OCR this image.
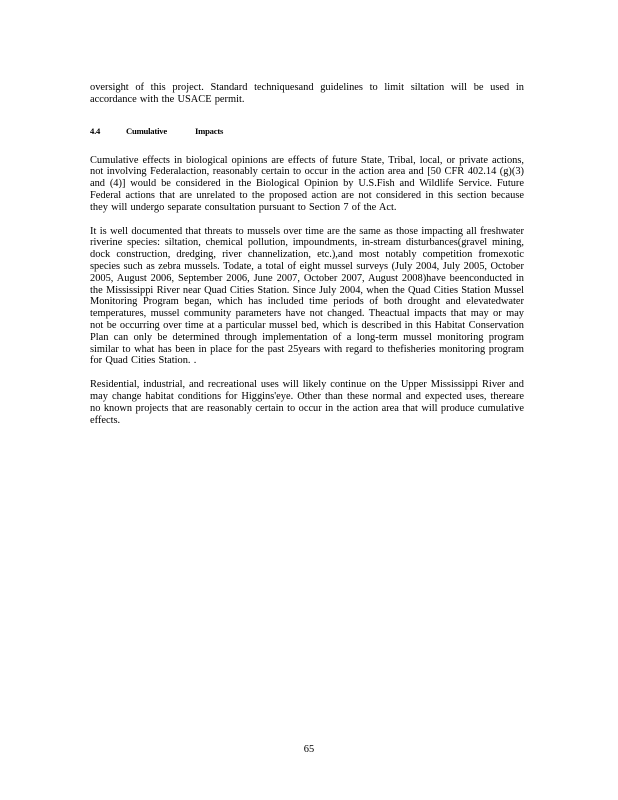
oversight of this project. Standard techniquesand guidelines to limit siltation will be used in accordance with the USACE permit.

4.4	Cumulative	Impacts

Cumulative effects in biological opinions are effects of future State, Tribal, local, or private actions, not involving Federalaction, reasonably certain to occur in the action area and [50 CFR 402.14 (g)(3) and (4)] would be considered in the Biological Opinion by U.S.Fish and Wildlife Service. Future Federal actions that are unrelated to the proposed action are not considered in this section because they will undergo separate consultation pursuant to Section 7 of the Act.

It is well documented that threats to mussels over time are the same as those impacting all freshwater riverine species: siltation, chemical pollution, impoundments, in-stream disturbances(gravel mining, dock construction, dredging, river channelization, etc.),and most notably competition fromexotic species such as zebra mussels. Todate, a total of eight mussel surveys (July 2004, July 2005, October 2005, August 2006, September 2006, June 2007, October 2007, August 2008)have beenconducted in the Mississippi River near Quad Cities Station. Since July 2004, when the Quad Cities Station Mussel Monitoring Program began, which has included time periods of both drought and elevatedwater temperatures, mussel community parameters have not changed. Theactual impacts that may or may not be occurring over time at a particular mussel bed, which is described in this Habitat Conservation Plan can only be determined through implementation of a long-term mussel monitoring program similar to what has been in place for the past 25years with regard to thefisheries monitoring program for Quad Cities Station. .

Residential, industrial, and recreational uses will likely continue on the Upper Mississippi River and may change habitat conditions for Higgins'eye. Other than these normal and expected uses, thereare no known projects that are reasonably certain to occur in the action area that will produce cumulative effects.

65
